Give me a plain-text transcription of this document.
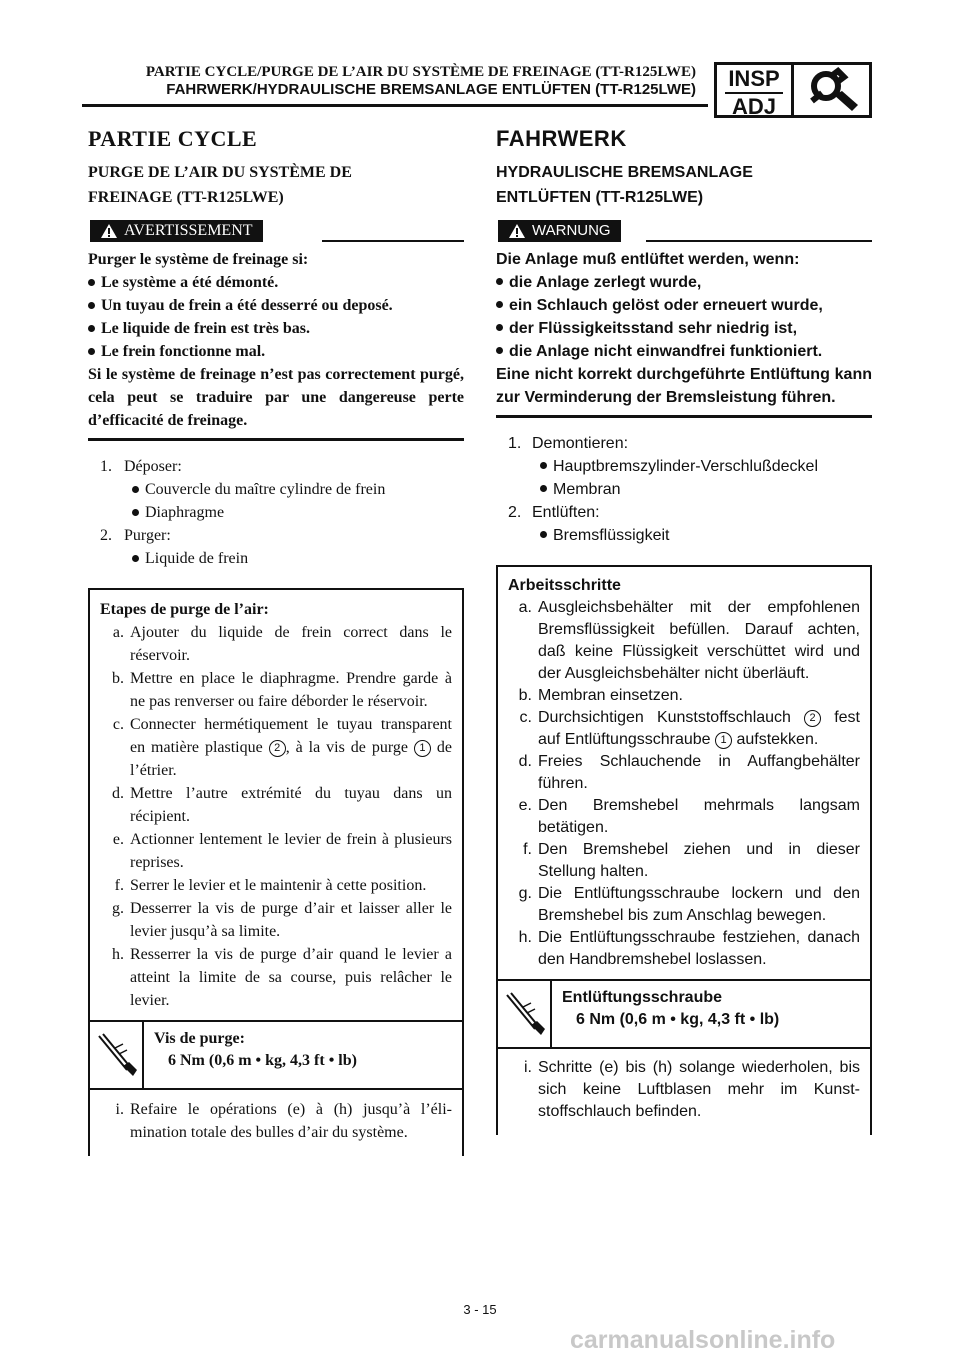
PARTIE CYCLE/PURGE DE L’AIR DU SYSTÈME DE FREINAGE (TT-R125LWE)
FAHRWERK/HYDRAULISCHE BREMSANLAGE ENTLÜFTEN (TT-R125LWE)	INSP
ADJ
PARTIE CYCLE
PURGE DE L’AIR DU SYSTÈME DE
FREINAGE (TT-R125LWE)
AVERTISSEMENT

Purger le système de freinage si:

Le système a été démonté.

Un tuyau de frein a été desserré ou deposé.

Le liquide de frein est très bas.

Le frein fonctionne mal.

Si le système de freinage n’est pas correctement purgé, cela peut se traduire par une dangereuse perte d’efficacité de freinage.

1. Déposer:
Couvercle du maître cylindre de frein
Diaphragme
2. Purger:
Liquide de frein
Etapes de purge de l’air:
a. Ajouter du liquide de frein correct dans le réservoir.
b. Mettre en place le diaphragme. Prendre garde à ne pas renverser ou faire déborder le réservoir.
c. Connecter hermétiquement le tuyau transparent en matière plastique 2 , à la vis de purge 1 de l’étrier.
d. Mettre l’autre extrémité du tuyau dans un récipient.
e. Actionner lentement le levier de frein à plusieurs reprises.
f. Serrer le levier et le maintenir à cette position.
g. Desserrer la vis de purge d’air et laisser aller le levier jusqu’à sa limite.
h. Resserrer la vis de purge d’air quand le levier a atteint la limite de sa course, puis relâcher le levier.
Vis de purge:
6 Nm (0,6 m • kg, 4,3 ft • lb)
i. Refaire le opérations (e) à (h) jusqu’à l’élimination totale des bulles d’air du système.
FAHRWERK
HYDRAULISCHE BREMSANLAGE
ENTLÜFTEN (TT-R125LWE)
WARNUNG

Die Anlage muß entlüftet werden, wenn:

die Anlage zerlegt wurde,

ein Schlauch gelöst oder erneuert wurde,

der Flüssigkeitsstand sehr niedrig ist,

die Anlage nicht einwandfrei funktioniert.

Eine nicht korrekt durchgeführte Entlüftung kann zur Verminderung der Bremsleistung führen.

1. Demontieren:
Hauptbremszylinder-Verschlußdeckel
Membran
2. Entlüften:
Bremsflüssigkeit
Arbeitsschritte
a. Ausgleichsbehälter mit der empfohlenen Bremsflüssigkeit befüllen. Darauf achten, daß keine Flüssigkeit verschüttet wird und der Ausgleichsbehälter nicht überläuft.
b. Membran einsetzen.
c. Durchsichtigen Kunststoffschlauch 2 fest auf Entlüftungsschraube 1 aufstekken.
d. Freies Schlauchende in Auffangbehälter führen.
e. Den Bremshebel mehrmals langsam betätigen.
f. Den Bremshebel ziehen und in dieser Stellung halten.
g. Die Entlüftungsschraube lockern und den Bremshebel bis zum Anschlag bewegen.
h. Die Entlüftungsschraube festziehen, danach den Handbremshebel loslassen.
Entlüftungsschraube
6 Nm (0,6 m • kg, 4,3 ft • lb)
i. Schritte (e) bis (h) solange wiederholen, bis sich keine Luftblasen mehr im Kunststoffschlauch befinden.
3 - 15
carmanualsonline.info
